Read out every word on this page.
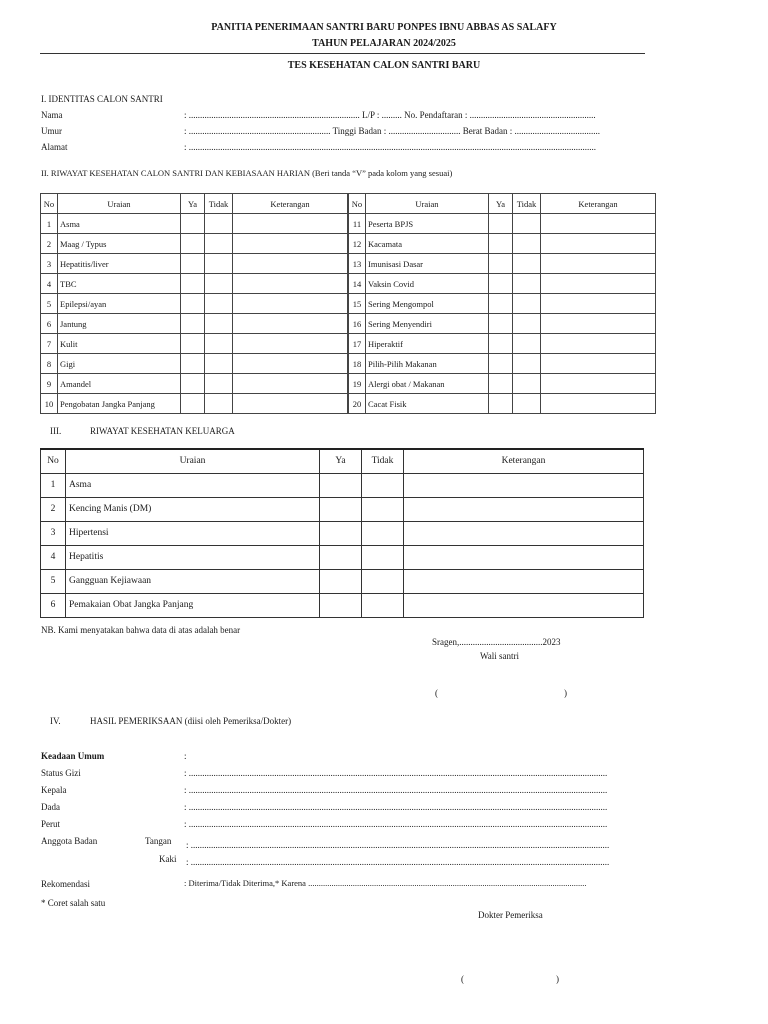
PANITIA PENERIMAAN SANTRI BARU PONPES IBNU ABBAS AS SALAFY
TAHUN PELAJARAN 2024/2025
TES KESEHATAN CALON SANTRI BARU
I. IDENTITAS CALON SANTRI
Nama	: ............................................................................ L/P : ......... No. Pendaftaran : ........................................................
Umur	: ............................................................... Tinggi Badan : ................................ Berat Badan : ......................................
Alamat	: .....................................................................................................................................................................................
II. RIWAYAT KESEHATAN CALON SANTRI DAN KEBIASAAN HARIAN (Beri tanda “V” pada kolom yang sesuai)
No	Uraian	Ya	Tidak	Keterangan
1	Asma			
2	Maag / Typus			
3	Hepatitis/liver			
4	TBC			
5	Epilepsi/ayan			
6	Jantung			
7	Kulit			
8	Gigi			
9	Amandel			
10	Pengobatan Jangka Panjang			
No	Uraian	Ya	Tidak	Keterangan
11	Peserta BPJS			
12	Kacamata			
13	Imunisasi Dasar			
14	Vaksin Covid			
15	Sering Mengompol			
16	Sering Menyendiri			
17	Hiperaktif			
18	Pilih-Pilih Makanan			
19	Alergi obat / Makanan			
20	Cacat Fisik			
III.	RIWAYAT KESEHATAN KELUARGA
No	Uraian	Ya	Tidak	Keterangan
1	Asma			
2	Kencing Manis (DM)			
3	Hipertensi			
4	Hepatitis			
5	Gangguan Kejiawaan			
6	Pemakaian Obat Jangka Panjang			
NB. Kami menyatakan bahwa data di atas adalah benar
Sragen,.....................................2023
Wali santri
(	)
IV.	HASIL PEMERIKSAAN (diisi oleh Pemeriksa/Dokter)
Keadaan Umum	:
Status Gizi	: ..........................................................................................................................................................................................
Kepala	: ..........................................................................................................................................................................................
Dada	: ..........................................................................................................................................................................................
Perut	: ..........................................................................................................................................................................................
Anggota Badan	Tangan : ..........................................................................................................................................................................................
Kaki : ..........................................................................................................................................................................................
Rekomendasi	: Diterima/Tidak Diterima,* Karena ...................................................................................................................................
* Coret salah satu
Dokter Pemeriksa
(	)
